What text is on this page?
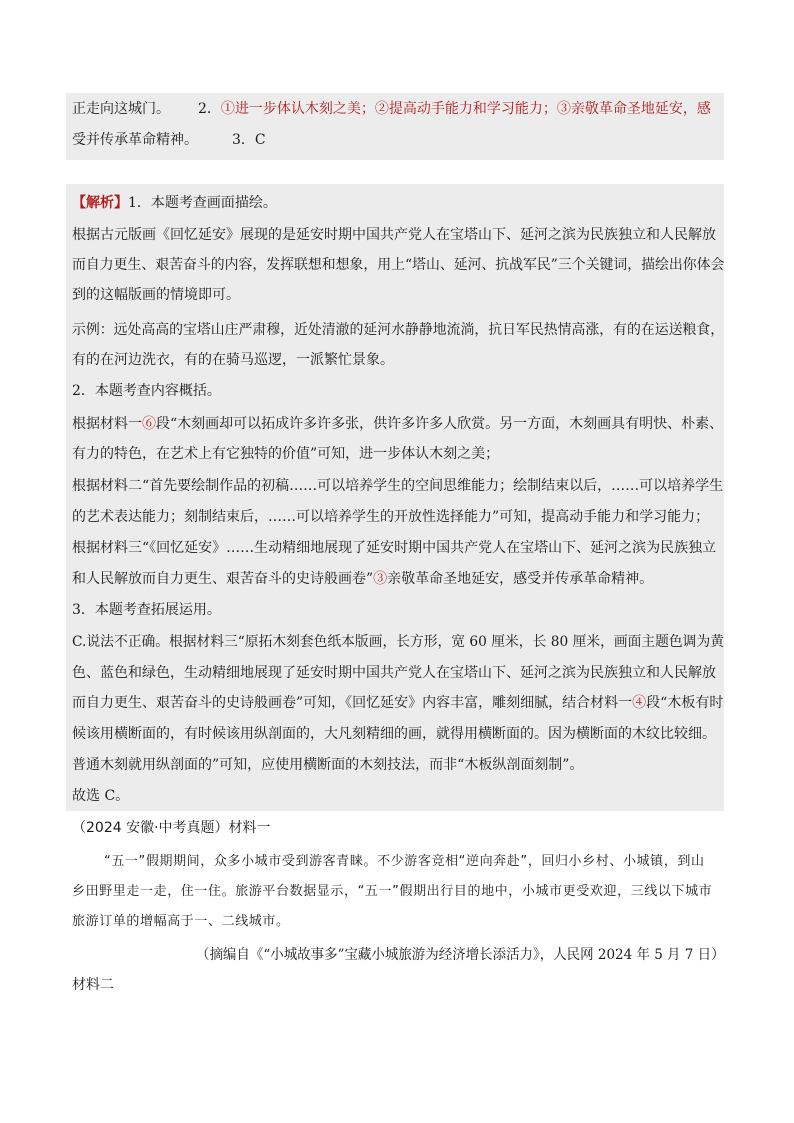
正走向这城门。 2．①进一步体认木刻之美；②提高动手能力和学习能力；③亲敬革命圣地延安，感
受并传承革命精神。 3．C
【解析】1．本题考查画面描绘。
根据古元版画《回忆延安》展现的是延安时期中国共产党人在宝塔山下、延河之滨为民族独立和人民解放
而自力更生、艰苦奋斗的内容，发挥联想和想象，用上“塔山、延河、抗战军民”三个关键词，描绘出你体会
到的这幅版画的情境即可。
示例：远处高高的宝塔山庄严肃穆，近处清澈的延河水静静地流淌，抗日军民热情高涨，有的在运送粮食，
有的在河边洗衣，有的在骑马巡逻，一派繁忙景象。
2．本题考查内容概括。
根据材料一⑥段“木刻画却可以拓成许多许多张，供许多许多人欣赏。另一方面，木刻画具有明快、朴素、
有力的特色，在艺术上有它独特的价值”可知，进一步体认木刻之美；
根据材料二“首先要绘制作品的初稿……可以培养学生的空间思维能力；绘制结束以后，……可以培养学生
的艺术表达能力；刻制结束后，……可以培养学生的开放性选择能力”可知，提高动手能力和学习能力；
根据材料三“《回忆延安》……生动精细地展现了延安时期中国共产党人在宝塔山下、延河之滨为民族独立
和人民解放而自力更生、艰苦奋斗的史诗般画卷”③亲敬革命圣地延安，感受并传承革命精神。
3．本题考查拓展运用。
C.说法不正确。根据材料三“原拓木刻套色纸本版画，长方形，宽 60 厘米，长 80 厘米，画面主题色调为黄
色、蓝色和绿色，生动精细地展现了延安时期中国共产党人在宝塔山下、延河之滨为民族独立和人民解放
而自力更生、艰苦奋斗的史诗般画卷”可知，《回忆延安》内容丰富，雕刻细腻，结合材料一④段“木板有时
候该用横断面的，有时候该用纵剖面的，大凡刻精细的画，就得用横断面的。因为横断面的木纹比较细。
普通木刻就用纵剖面的”可知，应使用横断面的木刻技法，而非“木板纵剖面刻制”。
故选 C。
（2024 安徽·中考真题）材料一
“五一”假期期间，众多小城市受到游客青睐。不少游客竞相“逆向奔赴”，回归小乡村、小城镇，到山
乡田野里走一走，住一住。旅游平台数据显示，“五一”假期出行目的地中，小城市更受欢迎，三线以下城市
旅游订单的增幅高于一、二线城市。
（摘编自《“小城故事多”宝藏小城旅游为经济增长添活力》，人民网 2024 年 5 月 7 日）
材料二
